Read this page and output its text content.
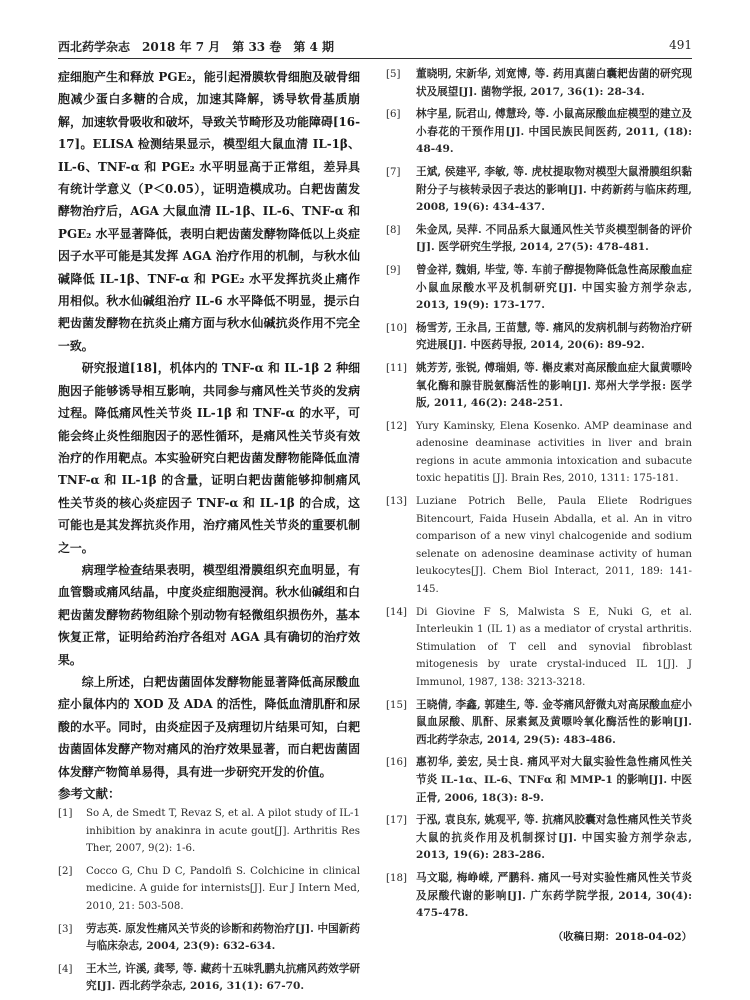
西北药学杂志　2018 年 7 月　第 33 卷　第 4 期	491

症细胞产生和释放 PGE₂，能引起滑膜软骨细胞及破骨细胞减少蛋白多糖的合成，加速其降解，诱导软骨基质崩解，加速软骨吸收和破坏，导致关节畸形及功能障碍[16-17]。ELISA 检测结果显示，模型组大鼠血清 IL-1β、IL-6、TNF-α 和 PGE₂ 水平明显高于正常组，差异具有统计学意义（P＜0.05），证明造模成功。白耙齿菌发酵物治疗后，AGA 大鼠血清 IL-1β、IL-6、TNF-α 和 PGE₂ 水平显著降低，表明白耙齿菌发酵物降低以上炎症因子水平可能是其发挥 AGA 治疗作用的机制，与秋水仙碱降低 IL-1β、TNF-α 和 PGE₂ 水平发挥抗炎止痛作用相似。秋水仙碱组治疗 IL-6 水平降低不明显，提示白耙齿菌发酵物在抗炎止痛方面与秋水仙碱抗炎作用不完全一致。

研究报道[18]，机体内的 TNF-α 和 IL-1β 2 种细胞因子能够诱导相互影响，共同参与痛风性关节炎的发病过程。降低痛风性关节炎 IL-1β 和 TNF-α 的水平，可能会终止炎性细胞因子的恶性循环，是痛风性关节炎有效治疗的作用靶点。本实验研究白耙齿菌发酵物能降低血清 TNF-α 和 IL-1β 的含量，证明白耙齿菌能够抑制痛风性关节炎的核心炎症因子 TNF-α 和 IL-1β 的合成，这可能也是其发挥抗炎作用，治疗痛风性关节炎的重要机制之一。

病理学检查结果表明，模型组滑膜组织充血明显，有血管翳或痛风结晶，中度炎症细胞浸润。秋水仙碱组和白耙齿菌发酵物药物组除个别动物有轻微组织损伤外，基本恢复正常，证明给药治疗各组对 AGA 具有确切的治疗效果。

综上所述，白耙齿菌固体发酵物能显著降低高尿酸血症小鼠体内的 XOD 及 ADA 的活性，降低血清肌酐和尿酸的水平。同时，由炎症因子及病理切片结果可知，白耙齿菌固体发酵产物对痛风的治疗效果显著，而白耙齿菌固体发酵产物简单易得，具有进一步研究开发的价值。

参考文献：
[1]	So A, de Smedt T, Revaz S, et al. A pilot study of IL-1 inhibition by anakinra in acute gout[J]. Arthritis Res Ther, 2007, 9(2): 1-6.
[2]	Cocco G, Chu D C, Pandolfi S. Colchicine in clinical medicine. A guide for internists[J]. Eur J Intern Med, 2010, 21: 503-508.
[3]	劳志英. 原发性痛风关节炎的诊断和药物治疗[J]. 中国新药与临床杂志, 2004, 23(9): 632-634.
[4]	王木兰, 许溪, 龚琴, 等. 藏药十五味乳鹏丸抗痛风药效学研究[J]. 西北药学杂志, 2016, 31(1): 67-70.
[5]	董晓明, 宋新华, 刘宽博, 等. 药用真菌白囊耙齿菌的研究现状及展望[J]. 菌物学报, 2017, 36(1): 28-34.
[6]	林宇星, 阮君山, 傅慧玲, 等. 小鼠高尿酸血症模型的建立及小春花的干预作用[J]. 中国民族民间医药, 2011, (18): 48-49.
[7]	王斌, 侯建平, 李敏, 等. 虎杖提取物对模型大鼠滑膜组织黏附分子与核转录因子表达的影响[J]. 中药新药与临床药理, 2008, 19(6): 434-437.
[8]	朱金凤, 吴萍. 不同品系大鼠通风性关节炎模型制备的评价[J]. 医学研究生学报, 2014, 27(5): 478-481.
[9]	曾金祥, 魏娟, 毕莹, 等. 车前子醇提物降低急性高尿酸血症小鼠血尿酸水平及机制研究[J]. 中国实验方剂学杂志, 2013, 19(9): 173-177.
[10] 杨雪芳, 王永昌, 王苗慧, 等. 痛风的发病机制与药物治疗研究进展[J]. 中医药导报, 2014, 20(6): 89-92.
[11] 姚芳芳, 张锐, 傅瑞娟, 等. 槲皮素对高尿酸血症大鼠黄嘌呤氧化酶和腺苷脱氨酶活性的影响[J]. 郑州大学学报: 医学版, 2011, 46(2): 248-251.
[12] Yury Kaminsky, Elena Kosenko. AMP deaminase and adenosine deaminase activities in liver and brain regions in acute ammonia intoxication and subacute toxic hepatitis [J]. Brain Res, 2010, 1311: 175-181.
[13] Luziane Potrich Belle, Paula Eliete Rodrigues Bitencourt, Faida Husein Abdalla, et al. An in vitro comparison of a new vinyl chalcogenide and sodium selenate on adenosine deaminase activity of human leukocytes[J]. Chem Biol Interact, 2011, 189: 141-145.
[14] Di Giovine F S, Malwista S E, Nuki G, et al. Interleukin 1 (IL 1) as a mediator of crystal arthritis. Stimulation of T cell and synovial fibroblast mitogenesis by urate crystal-induced IL 1[J]. J Immunol, 1987, 138: 3213-3218.
[15] 王晓倩, 李鑫, 郭建生, 等. 金苓痛风舒微丸对高尿酸血症小鼠血尿酸、肌酐、尿素氮及黄嘌呤氧化酶活性的影响[J]. 西北药学杂志, 2014, 29(5): 483-486.
[16] 惠初华, 姜宏, 吴士良. 痛风平对大鼠实验性急性痛风性关节炎 IL-1α、IL-6、TNFα 和 MMP-1 的影响[J]. 中医正骨, 2006, 18(3): 8-9.
[17] 于泓, 袁良东, 姚观平, 等. 抗痛风胶囊对急性痛风性关节炎大鼠的抗炎作用及机制探讨[J]. 中国实验方剂学杂志, 2013, 19(6): 283-286.
[18] 马文聪, 梅峥嵘, 严鹏科. 痛风一号对实验性痛风性关节炎及尿酸代谢的影响[J]. 广东药学院学报, 2014, 30(4): 475-478.
（收稿日期：2018-04-02）
